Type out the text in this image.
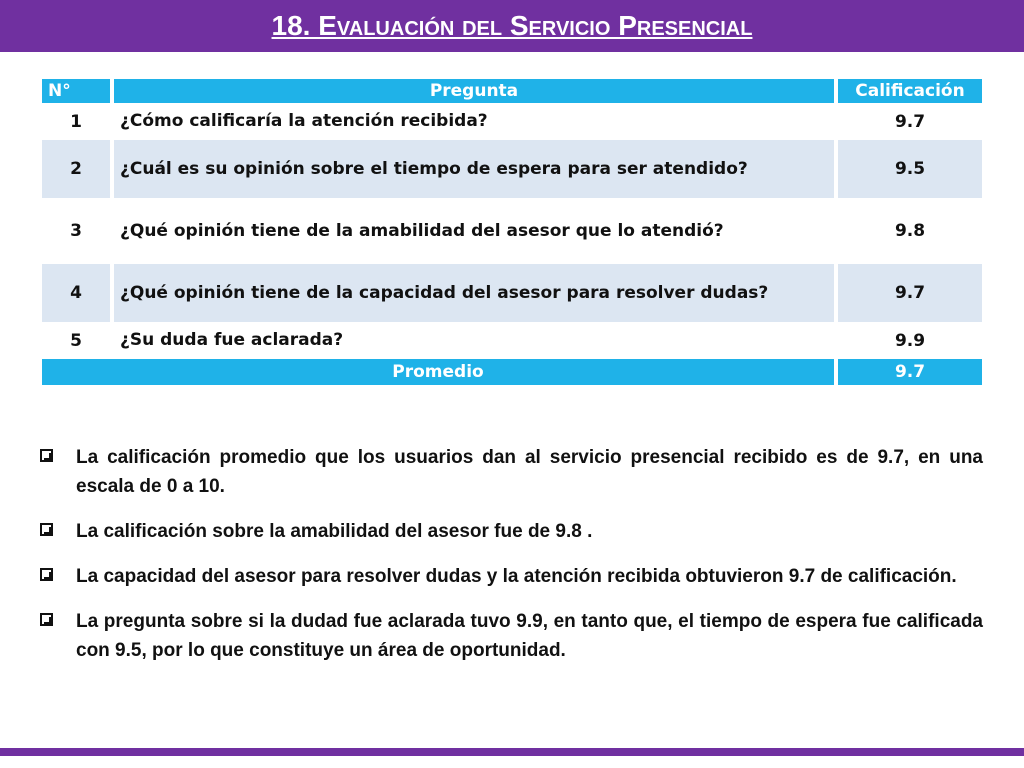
18. Evaluación del Servicio Presencial
N°	Pregunta	Calificación
1	¿Cómo calificaría la atención recibida?	9.7
2	¿Cuál es su opinión sobre el tiempo de espera para ser atendido?	9.5
3	¿Qué opinión tiene de la amabilidad del asesor que lo atendió?	9.8
4	¿Qué opinión tiene de la capacidad del asesor para resolver dudas?	9.7
5	¿Su duda fue aclarada?	9.9
Promedio		9.7
La calificación promedio que los usuarios dan al servicio presencial recibido es de 9.7, en una escala de 0 a 10.
La calificación sobre la amabilidad del asesor fue de 9.8 .
La capacidad del asesor para resolver dudas y la atención recibida obtuvieron 9.7 de calificación.
La pregunta sobre si la dudad fue aclarada tuvo 9.9, en tanto que, el tiempo de espera fue calificada con 9.5, por lo que constituye un área de oportunidad.
